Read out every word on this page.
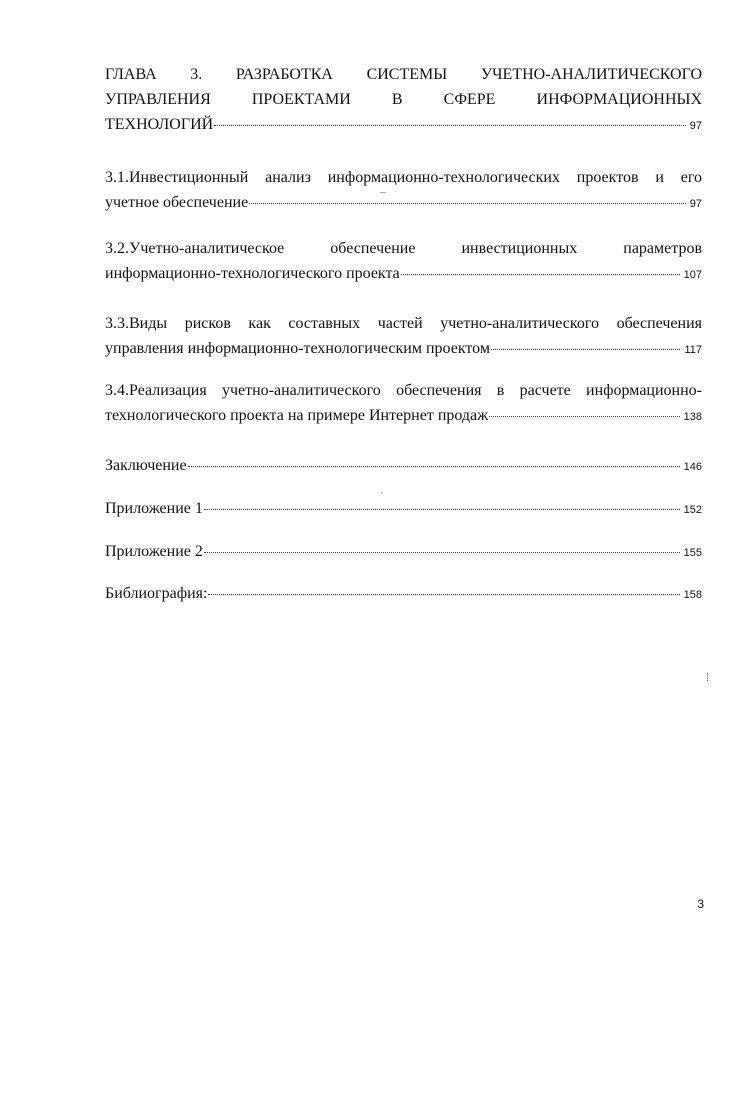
ГЛАВА 3. РАЗРАБОТКА СИСТЕМЫ УЧЕТНО-АНАЛИТИЧЕСКОГО
УПРАВЛЕНИЯ ПРОЕКТАМИ В СФЕРЕ ИНФОРМАЦИОННЫХ
ТЕХНОЛОГИЙ	97
3.1.Инвестиционный анализ информационно-технологических проектов и его
учетное обеспечение	97
3.2.Учетно-аналитическое обеспечение инвестиционных параметров
информационно-технологического проекта	107
3.3.Виды рисков как составных частей учетно-аналитического обеспечения
управления информационно-технологическим проектом	117
3.4.Реализация учетно-аналитического обеспечения в расчете информационно-
технологического проекта на примере Интернет продаж	138
Заключение	146
Приложение 1	152
Приложение 2	155
Библиография:	158
¯
·
⁞
3
